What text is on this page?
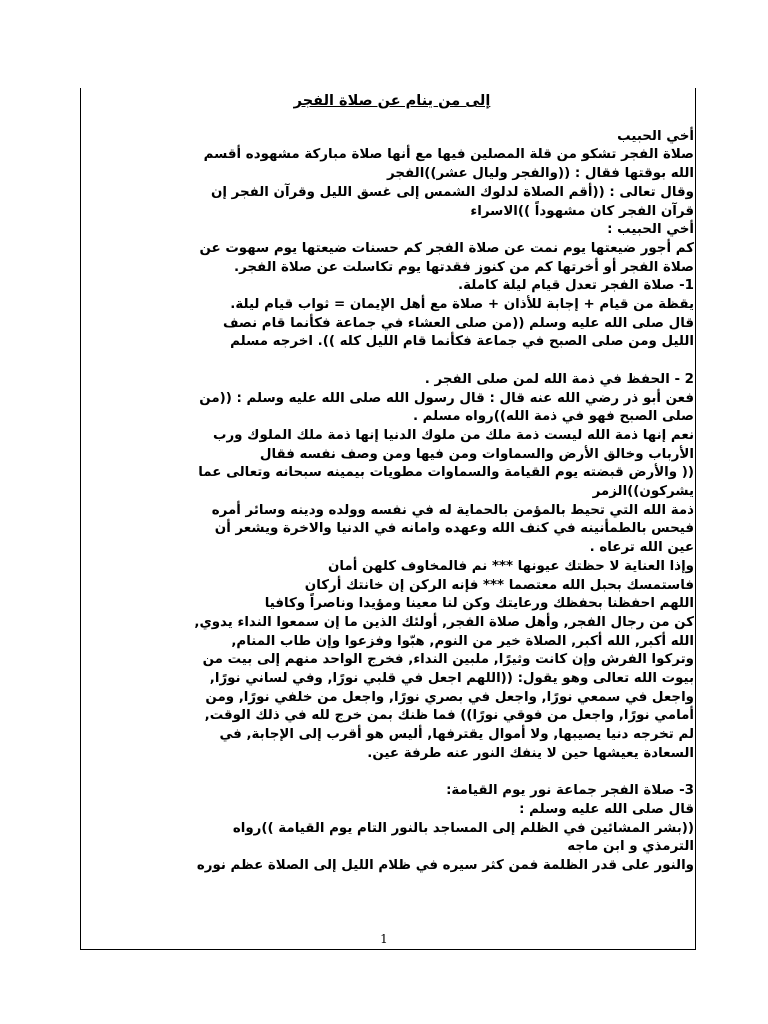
إلى من ينام عن صلاة الفجر

أخي الحبيب

صلاة الفجر تشكو من قلة المصلين فيها مع أنها صلاة مباركة مشهوده أقسم

الله بوقتها فقال : ((والفجر وليال عشر))الفجر

وقال تعالى : ((أقم الصلاة لدلوك الشمس إلى غسق الليل وقرآن الفجر إن

قرآن الفجر كان مشهوداً ))الاسراء

أخي الحبيب :

كم أجور ضيعتها يوم نمت عن صلاة الفجر كم حسنات ضيعتها يوم سهوت عن

صلاة الفجر أو أخرتها كم من كنوز فقدتها يوم تكاسلت عن صلاة الفجر.

1- صلاة الفجر تعدل قيام ليلة كاملة.

يقظة من قيام + إجابة للأذان + صلاة مع أهل الإيمان = ثواب قيام ليلة.

قال صلى الله عليه وسلم ((من صلى العشاء في جماعة فكأنما قام نصف

الليل ومن صلى الصبح في جماعة فكأنما قام الليل كله )). اخرجه مسلم

2 - الحفظ في ذمة الله لمن صلى الفجر .

فعن أبو ذر رضي الله عنه قال : قال رسول الله صلى الله عليه وسلم : ((من

صلى الصبح فهو في ذمة الله))رواه مسلم .

نعم إنها ذمة الله ليست ذمة ملك من ملوك الدنيا إنها ذمة ملك الملوك ورب

الأرباب وخالق الأرض والسماوات ومن فيها ومن وصف نفسه فقال

(( والأرض قبضته يوم القيامة والسماوات مطويات بيمينه سبحانه وتعالى عما

يشركون))الزمر

ذمة الله التي تحيط بالمؤمن بالحماية له في نفسه وولده ودينه وسائر أمره

فيحس بالطمأنينه في كنف الله وعهده وامانه في الدنيا والاخرة ويشعر أن

عين الله ترعاه .

وإذا العناية لا حظتك عيونها *** نم فالمخاوف كلهن أمان

فاستمسك بحبل الله معتصما *** فإنه الركن إن خانتك أركان

اللهم احفظنا بحفظك ورعايتك وكن لنا معينا ومؤيدا وناصراً وكافيا

كن من رجال الفجر, وأهل صلاة الفجر, أولئك الذين ما إن سمعوا النداء يدوي,

الله أكبر, الله أكبر, الصلاة خير من النوم, هبّوا وفزعوا وإن طاب المنام,

وتركوا الفرش وإن كانت وثيرًا, ملبين النداء, فخرج الواحد منهم إلى بيت من

بيوت الله تعالى وهو يقول: ((اللهم اجعل في قلبي نورًا, وفي لساني نورًا,

واجعل في سمعي نورًا, واجعل في بصري نورًا, واجعل من خلفي نورًا, ومن

أمامي نورًا, واجعل من فوقي نورًا)) فما ظنك بمن خرج لله في ذلك الوقت,

لم تخرجه دنيا يصيبها, ولا أموال يقترفها, أليس هو أقرب إلى الإجابة, في

السعادة يعيشها حين لا ينفك النور عنه طرفة عين.

3- صلاة الفجر جماعة نور يوم القيامة:

قال صلى الله عليه وسلم :

((بشر المشائين في الظلم إلى المساجد بالنور التام يوم القيامة ))رواه

الترمذي و ابن ماجه

والنور على قدر الظلمة فمن كثر سيره في ظلام الليل إلى الصلاة عظم نوره

1
